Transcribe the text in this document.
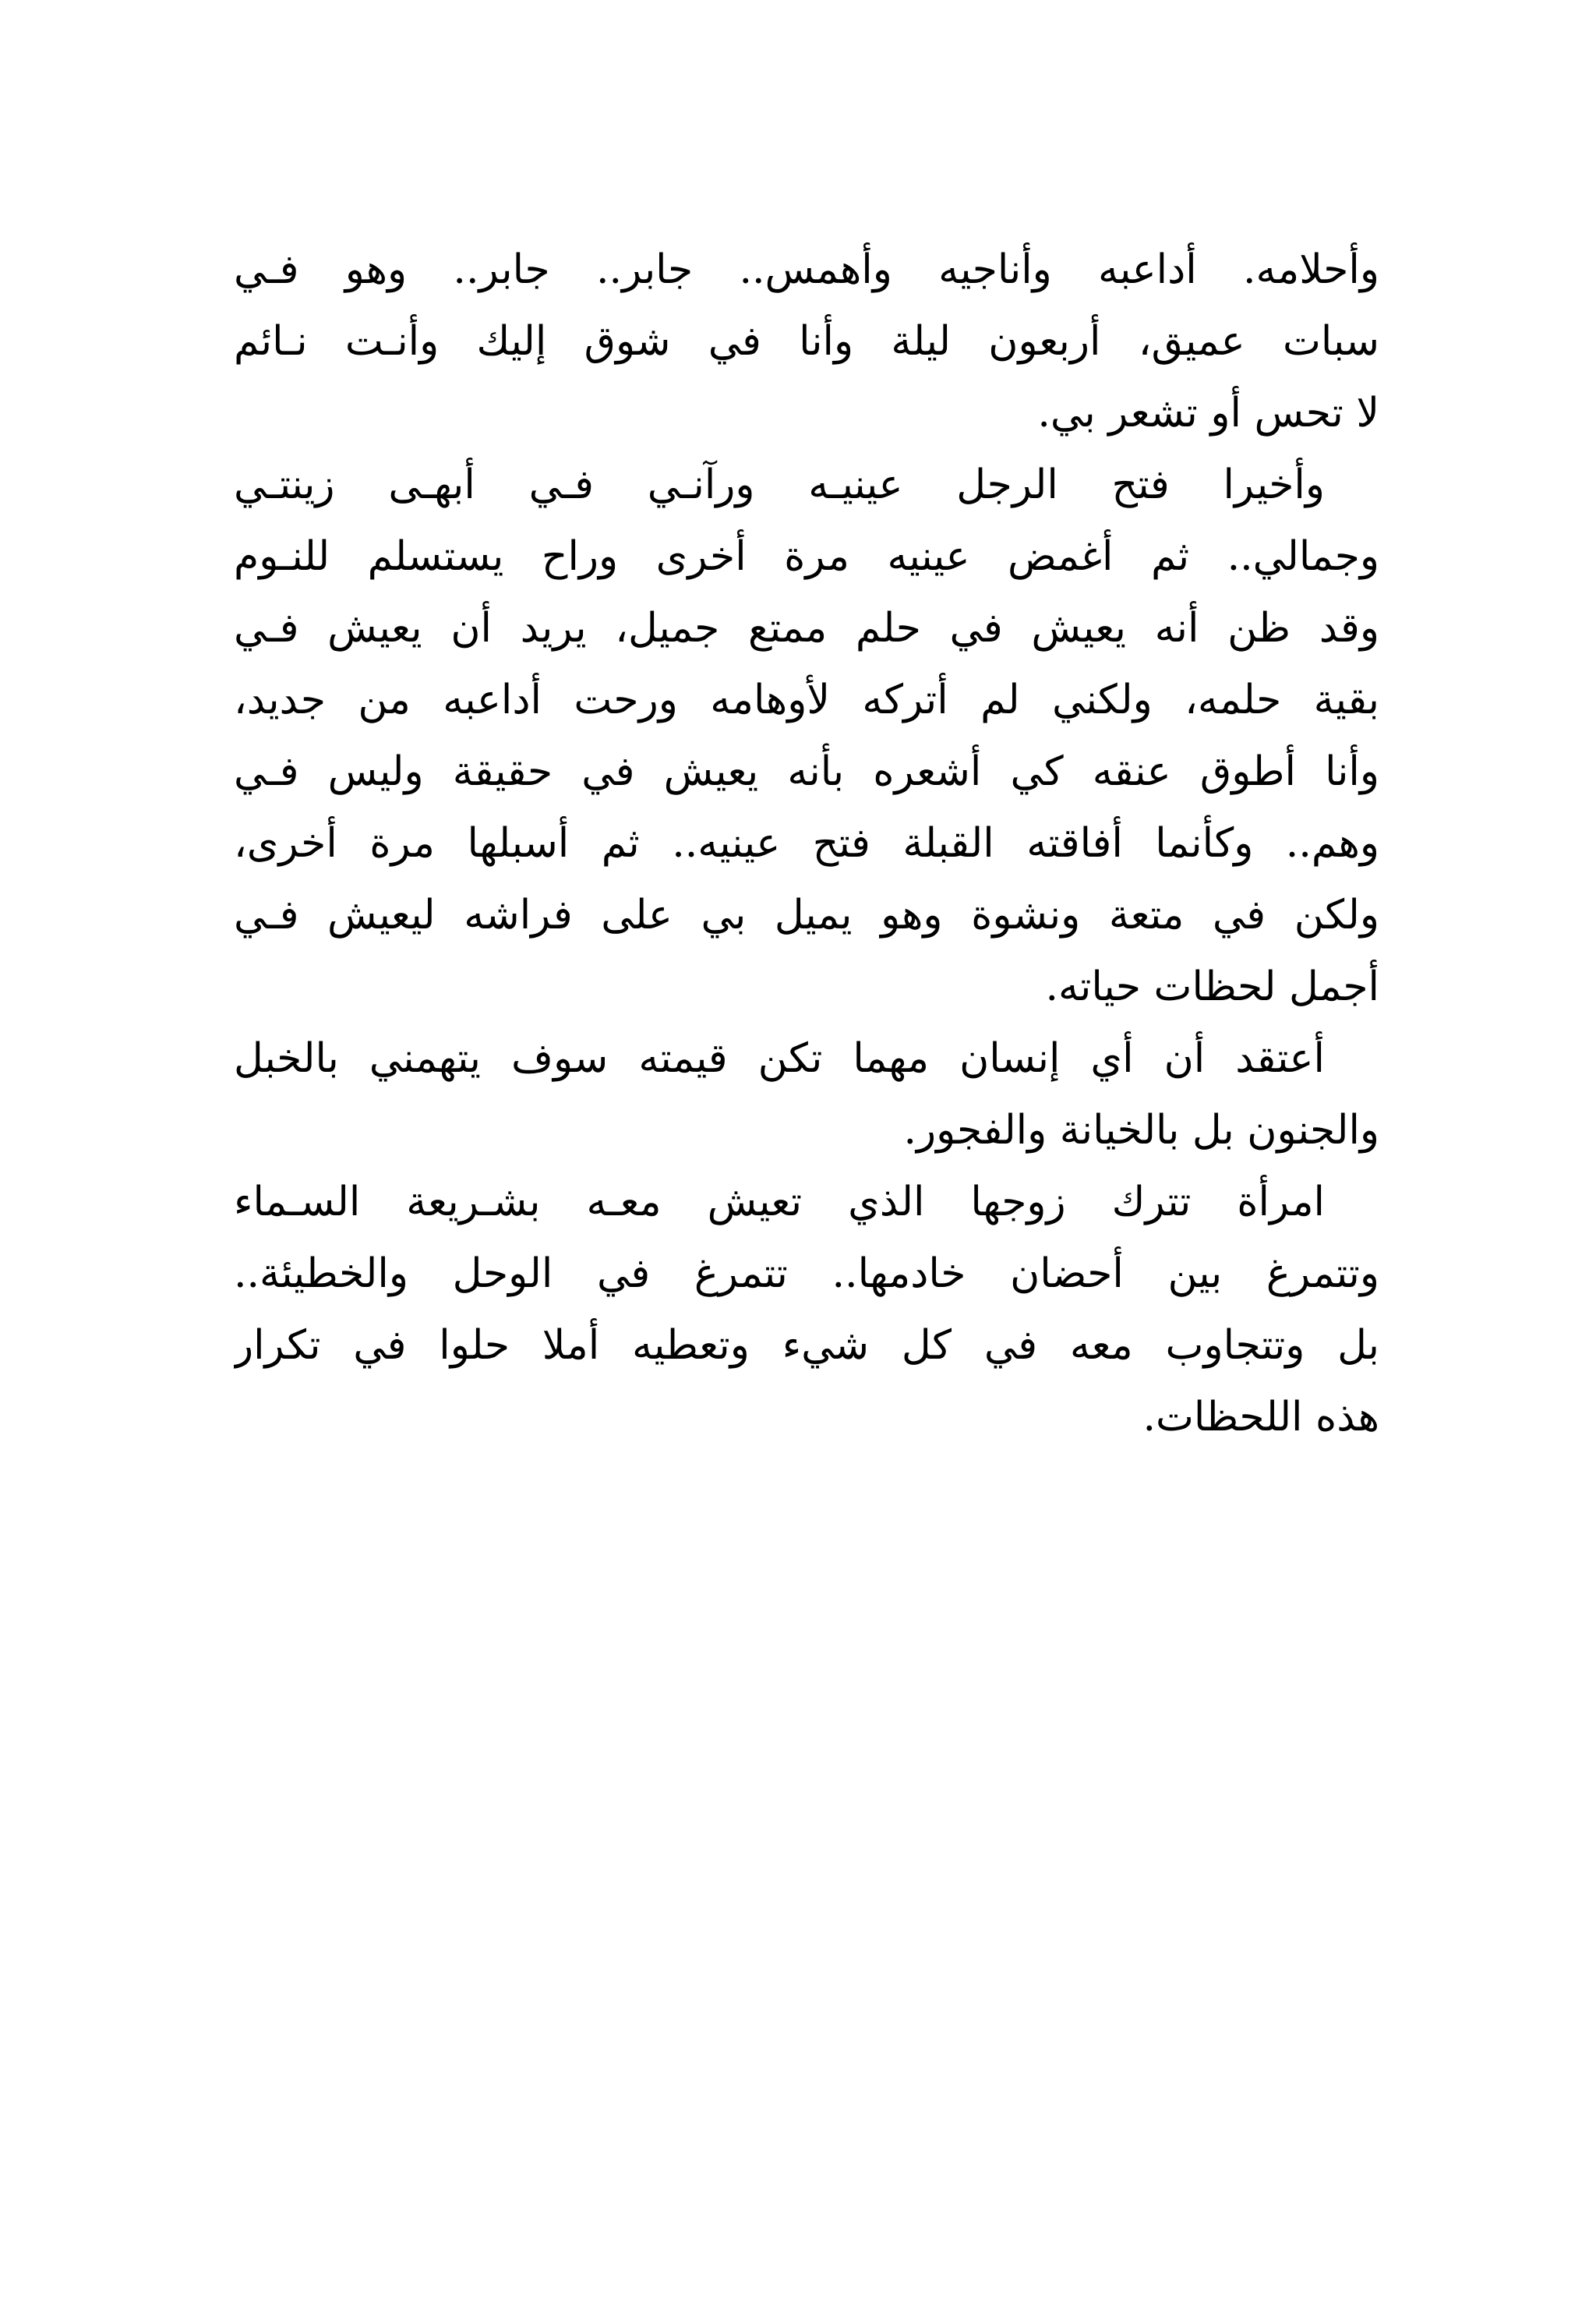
وأحلامه. أداعبه وأناجيه وأهمس.. جابر.. جابر.. وهو فـي
سبات عميق، أربعون ليلة وأنا في شوق إليك وأنـت نـائم
لا تحس أو تشعر بي.
وأخيرا فتح الرجل عينيـه ورآنـي فـي أبهـى زينتـي
وجمالي.. ثم أغمض عينيه مرة أخرى وراح يستسلم للنـوم
وقد ظن أنه يعيش في حلم ممتع جميل، يريد أن يعيش فـي
بقية حلمه، ولكني لم أتركه لأوهامه ورحت أداعبه من جديد،
وأنا أطوق عنقه كي أشعره بأنه يعيش في حقيقة وليس فـي
وهم.. وكأنما أفاقته القبلة فتح عينيه.. ثم أسبلها مرة أخرى،
ولكن في متعة ونشوة وهو يميل بي على فراشه ليعيش فـي
أجمل لحظات حياته.
أعتقد أن أي إنسان مهما تكن قيمته سوف يتهمني بالخبل
والجنون بل بالخيانة والفجور.
امرأة تترك زوجها الذي تعيش معـه بشـريعة السـماء
وتتمرغ بين أحضان خادمها.. تتمرغ في الوحل والخطيئة..
بل وتتجاوب معه في كل شيء وتعطيه أملا حلوا في تكرار
هذه اللحظات.
